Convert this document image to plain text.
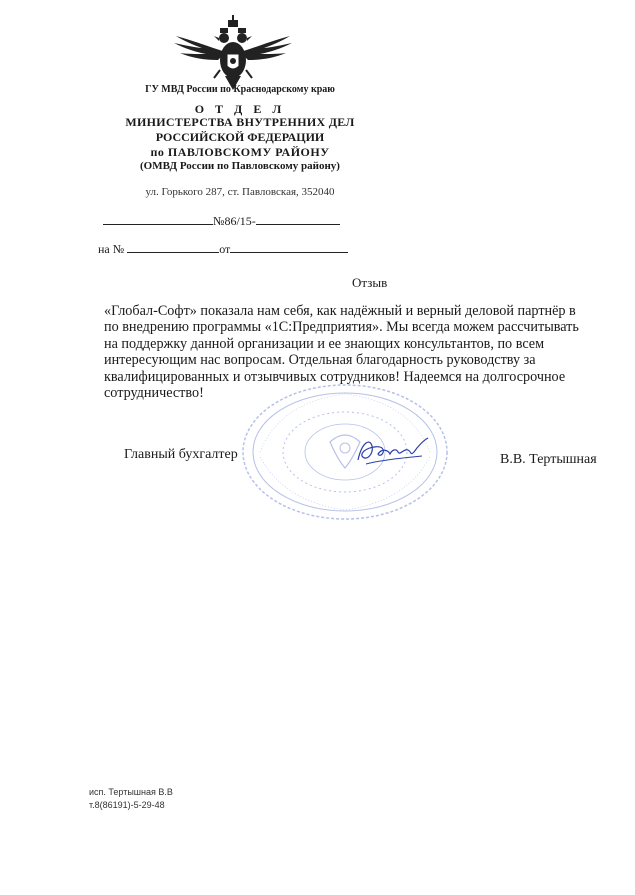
ГУ МВД России по Краснодарскому краю
О Т Д Е Л
МИНИСТЕРСТВА ВНУТРЕННИХ ДЕЛ
РОССИЙСКОЙ ФЕДЕРАЦИИ
по ПАВЛОВСКОМУ РАЙОНУ
(ОМВД России по Павловскому району)
ул. Горького 287, ст. Павловская, 352040
№86/15-
на №	от
Отзыв
«Глобал-Софт» показала нам себя, как надёжный и верный деловой партнёр в
по внедрению программы «1С:Предприятия». Мы всегда можем рассчитывать
на поддержку данной организации и ее знающих консультантов, по всем
интересующим нас вопросам. Отдельная благодарность руководству за
квалифицированных и отзывчивых сотрудников! Надеемся на долгосрочное
сотрудничество!
Главный бухгалтер	В.В. Тертышная
исп. Тертышная В.В
т.8(86191)-5-29-48
